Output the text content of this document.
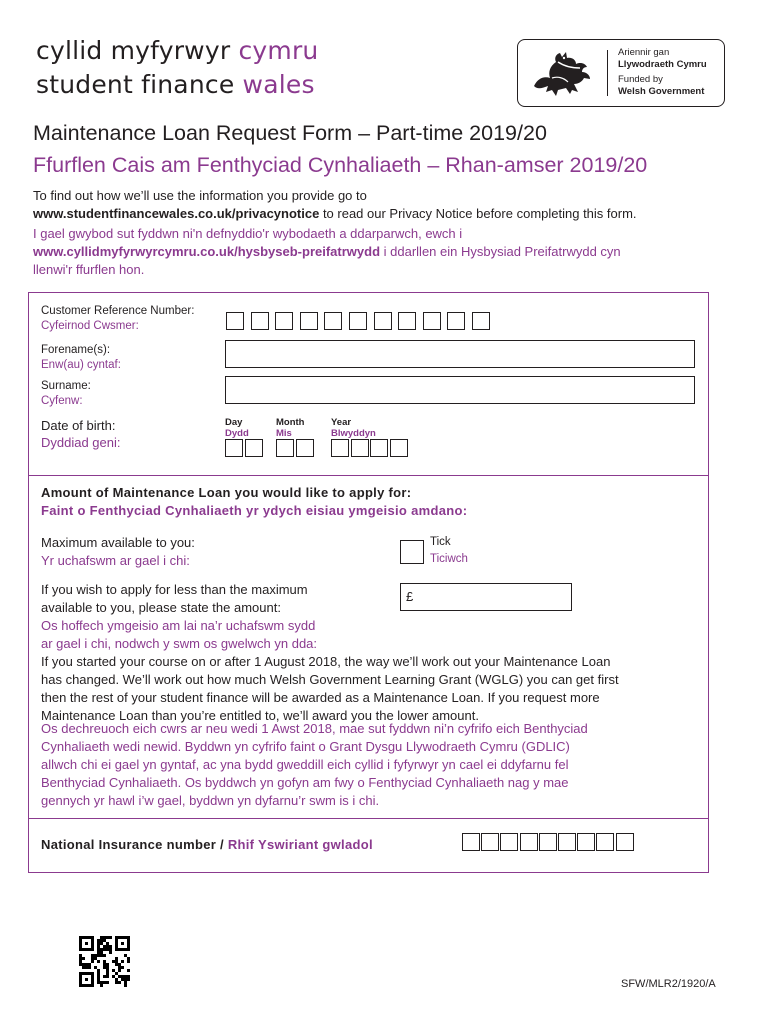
cyllid myfyrwyr cymru
student finance wales
Ariennir gan
Llywodraeth Cymru
Funded by
Welsh Government
Maintenance Loan Request Form – Part-time 2019/20
Ffurflen Cais am Fenthyciad Cynhaliaeth – Rhan-amser 2019/20
To find out how we’ll use the information you provide go to
www.studentfinancewales.co.uk/privacynotice to read our Privacy Notice before completing this form.
I gael gwybod sut fyddwn ni'n defnyddio'r wybodaeth a ddarparwch, ewch i
www.cyllidmyfyrwyrcymru.co.uk/hysbyseb-preifatrwydd i ddarllen ein Hysbysiad Preifatrwydd cyn
llenwi'r ffurflen hon.
Customer Reference Number:
Cyfeirnod Cwsmer:
Forename(s):
Enw(au) cyntaf:
Surname:
Cyfenw:
Date of birth:
Dyddiad geni:
Day
Dydd
Month
Mis
Year
Blwyddyn
Amount of Maintenance Loan you would like to apply for:
Faint o Fenthyciad Cynhaliaeth yr ydych eisiau ymgeisio amdano:
Maximum available to you:
Yr uchafswm ar gael i chi:
Tick
Ticiwch
If you wish to apply for less than the maximum
available to you, please state the amount:
Os hoffech ymgeisio am lai na’r uchafswm sydd
ar gael i chi, nodwch y swm os gwelwch yn dda:
£
If you started your course on or after 1 August 2018, the way we’ll work out your Maintenance Loan
has changed. We’ll work out how much Welsh Government Learning Grant (WGLG) you can get first
then the rest of your student finance will be awarded as a Maintenance Loan. If you request more
Maintenance Loan than you’re entitled to, we’ll award you the lower amount.
Os dechreuoch eich cwrs ar neu wedi 1 Awst 2018, mae sut fyddwn ni’n cyfrifo eich Benthyciad
Cynhaliaeth wedi newid. Byddwn yn cyfrifo faint o Grant Dysgu Llywodraeth Cymru (GDLIC)
allwch chi ei gael yn gyntaf, ac yna bydd gweddill eich cyllid i fyfyrwyr yn cael ei ddyfarnu fel
Benthyciad Cynhaliaeth. Os byddwch yn gofyn am fwy o Fenthyciad Cynhaliaeth nag y mae
gennych yr hawl i’w gael, byddwn yn dyfarnu’r swm is i chi.
National Insurance number / Rhif Yswiriant gwladol
SFW/MLR2/1920/A
